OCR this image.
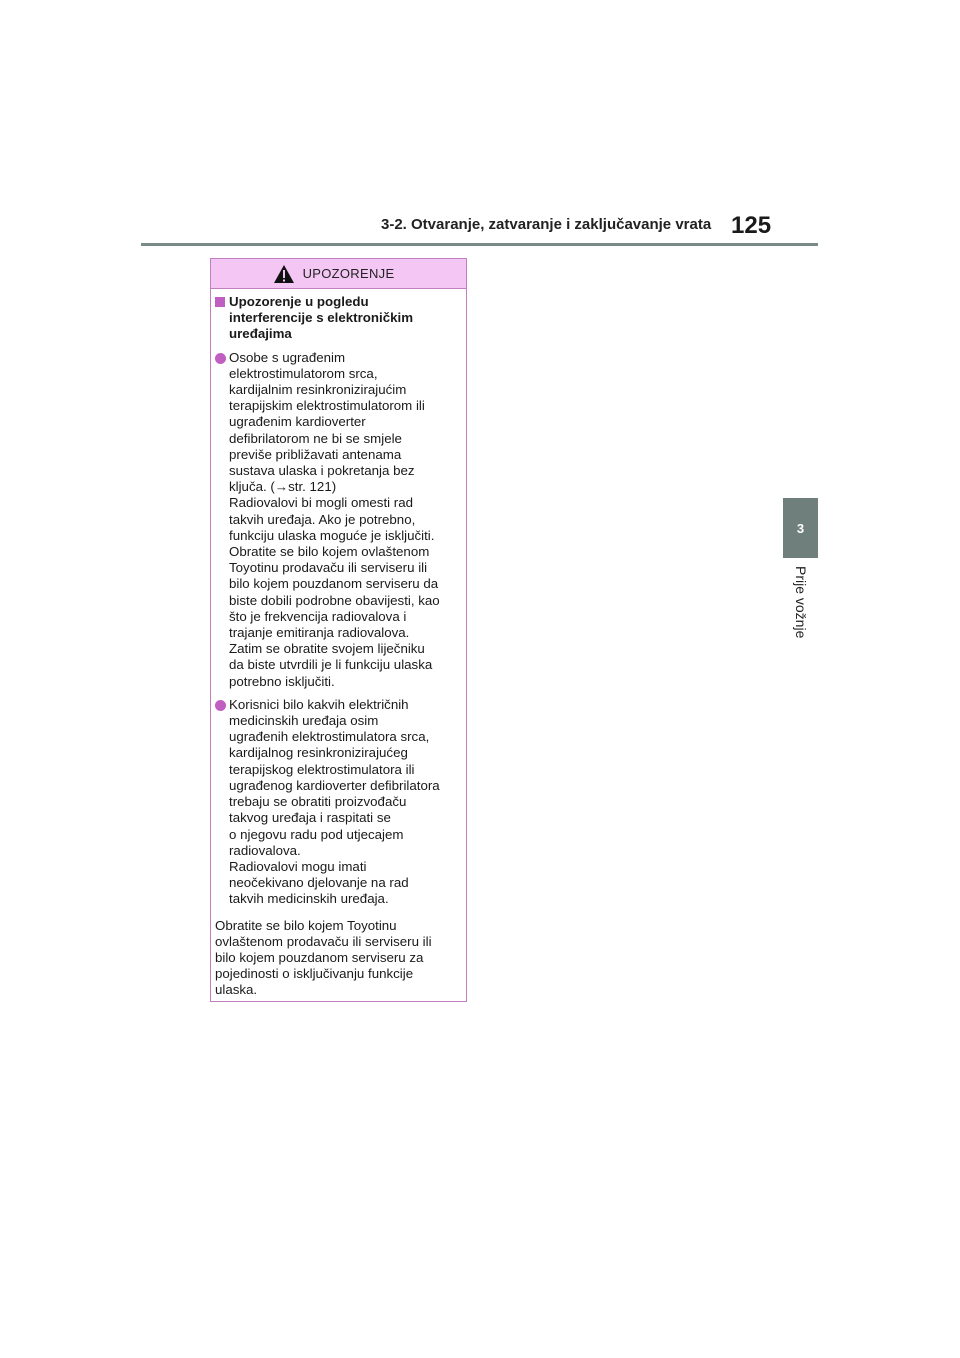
3-2. Otvaranje, zatvaranje i zaključavanje vrata 125
3
Prije vožnje
UPOZORENJE
Upozorenje u pogledu
interferencije s elektroničkim
uređajima

Osobe s ugrađenim
elektrostimulatorom srca,
kardijalnim resinkronizirajućim
terapijskim elektrostimulatorom ili
ugrađenim kardioverter
defibrilatorom ne bi se smjele
previše približavati antenama
sustava ulaska i pokretanja bez
ključa. (→str. 121)

Radiovalovi bi mogli omesti rad
takvih uređaja. Ako je potrebno,
funkciju ulaska moguće je isključiti.
Obratite se bilo kojem ovlaštenom
Toyotinu prodavaču ili serviseru ili
bilo kojem pouzdanom serviseru da
biste dobili podrobne obavijesti, kao
što je frekvencija radiovalova i
trajanje emitiranja radiovalova.
Zatim se obratite svojem liječniku
da biste utvrdili je li funkciju ulaska
potrebno isključiti.

Korisnici bilo kakvih električnih
medicinskih uređaja osim
ugrađenih elektrostimulatora srca,
kardijalnog resinkronizirajućeg
terapijskog elektrostimulatora ili
ugrađenog kardioverter defibrilatora
trebaju se obratiti proizvođaču
takvog uređaja i raspitati se
o njegovu radu pod utjecajem
radiovalova.

Radiovalovi mogu imati
neočekivano djelovanje na rad
takvih medicinskih uređaja.

Obratite se bilo kojem Toyotinu
ovlaštenom prodavaču ili serviseru ili
bilo kojem pouzdanom serviseru za
pojedinosti o isključivanju funkcije
ulaska.
